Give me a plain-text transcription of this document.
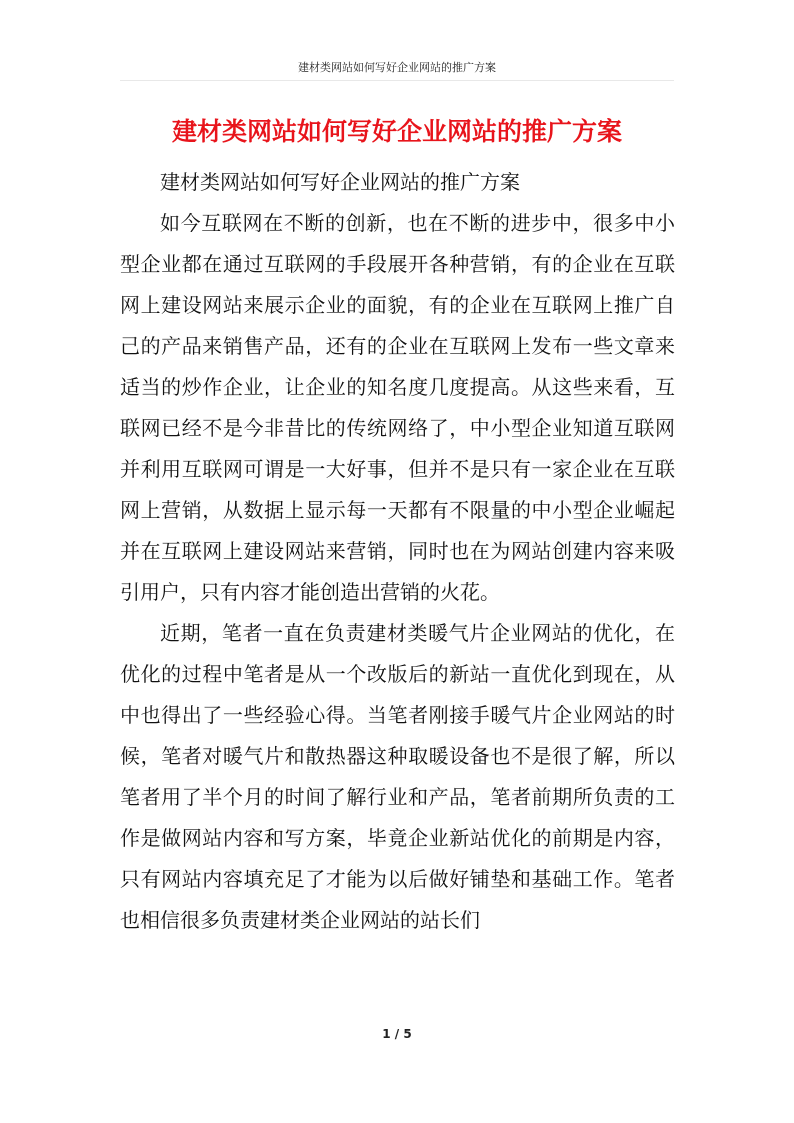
建材类网站如何写好企业网站的推广方案
建材类网站如何写好企业网站的推广方案

建材类网站如何写好企业网站的推广方案

如今互联网在不断的创新，也在不断的进步中，很多中小型企业都在通过互联网的手段展开各种营销，有的企业在互联网上建设网站来展示企业的面貌，有的企业在互联网上推广自己的产品来销售产品，还有的企业在互联网上发布一些文章来适当的炒作企业，让企业的知名度几度提高。从这些来看，互联网已经不是今非昔比的传统网络了，中小型企业知道互联网并利用互联网可谓是一大好事，但并不是只有一家企业在互联网上营销，从数据上显示每一天都有不限量的中小型企业崛起并在互联网上建设网站来营销，同时也在为网站创建内容来吸引用户，只有内容才能创造出营销的火花。

近期，笔者一直在负责建材类暖气片企业网站的优化，在优化的过程中笔者是从一个改版后的新站一直优化到现在，从中也得出了一些经验心得。当笔者刚接手暖气片企业网站的时候，笔者对暖气片和散热器这种取暖设备也不是很了解，所以笔者用了半个月的时间了解行业和产品，笔者前期所负责的工作是做网站内容和写方案，毕竟企业新站优化的前期是内容，只有网站内容填充足了才能为以后做好铺垫和基础工作。笔者也相信很多负责建材类企业网站的站长们

1 / 5
